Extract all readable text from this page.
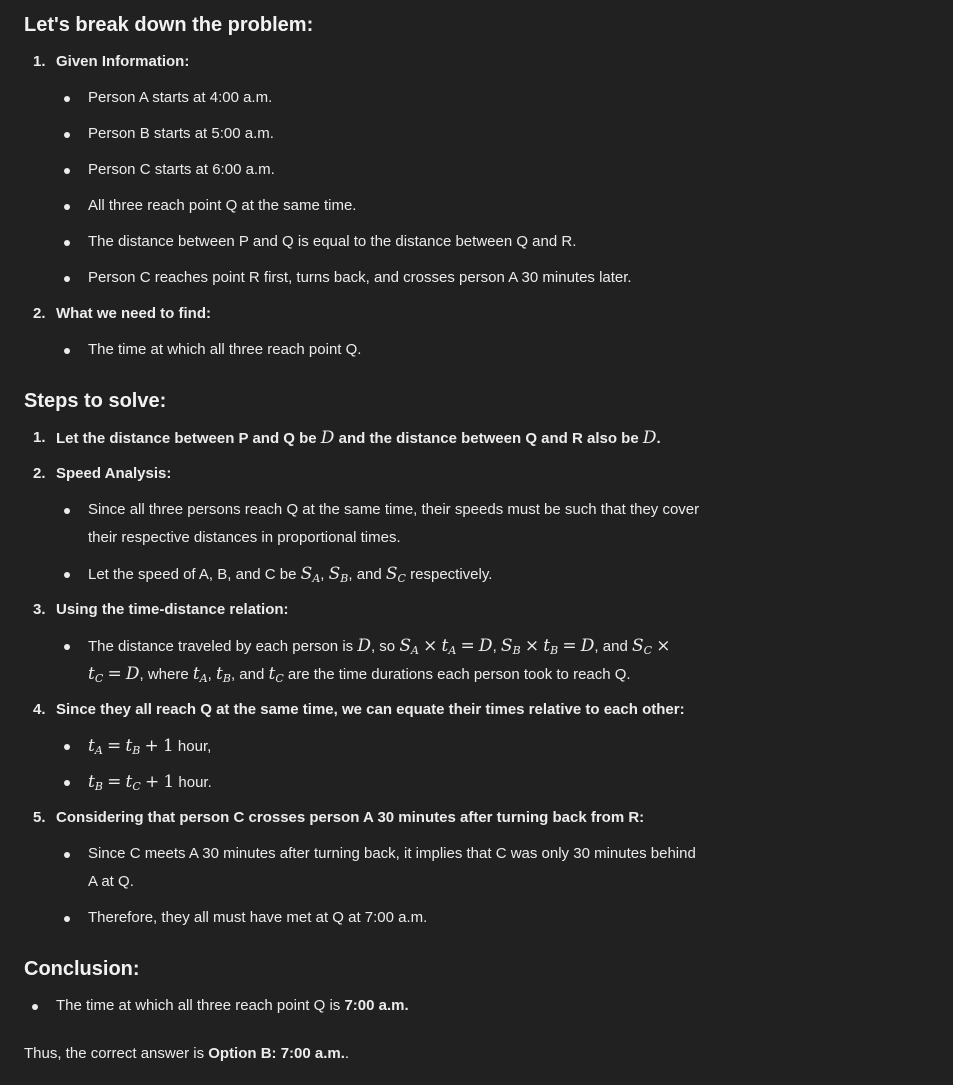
Let's break down the problem:
1. Given Information:
Person A starts at 4:00 a.m.
Person B starts at 5:00 a.m.
Person C starts at 6:00 a.m.
All three reach point Q at the same time.
The distance between P and Q is equal to the distance between Q and R.
Person C reaches point R first, turns back, and crosses person A 30 minutes later.
2. What we need to find:
The time at which all three reach point Q.
Steps to solve:
1. Let the distance between P and Q be D and the distance between Q and R also be D.
2. Speed Analysis:
Since all three persons reach Q at the same time, their speeds must be such that they cover
their respective distances in proportional times.
Let the speed of A, B, and C be $S_A$, $S_B$, and $S_C$ respectively.
3. Using the time-distance relation:
The distance traveled by each person is D, so $S_A \times t_A = D$, $S_B \times t_B = D$, and $S_C$ ×
$t_C = D$, where $t_A$, $t_B$, and $t_C$ are the time durations each person took to reach Q.
4. Since they all reach Q at the same time, we can equate their times relative to each other:
$t_A = t_B + 1$ hour,
$t_B = t_C + 1$ hour.
5. Considering that person C crosses person A 30 minutes after turning back from R:
Since C meets A 30 minutes after turning back, it implies that C was only 30 minutes behind
A at Q.
Therefore, they all must have met at Q at 7:00 a.m.
Conclusion:
The time at which all three reach point Q is 7:00 a.m.
Thus, the correct answer is Option B: 7:00 a.m..
